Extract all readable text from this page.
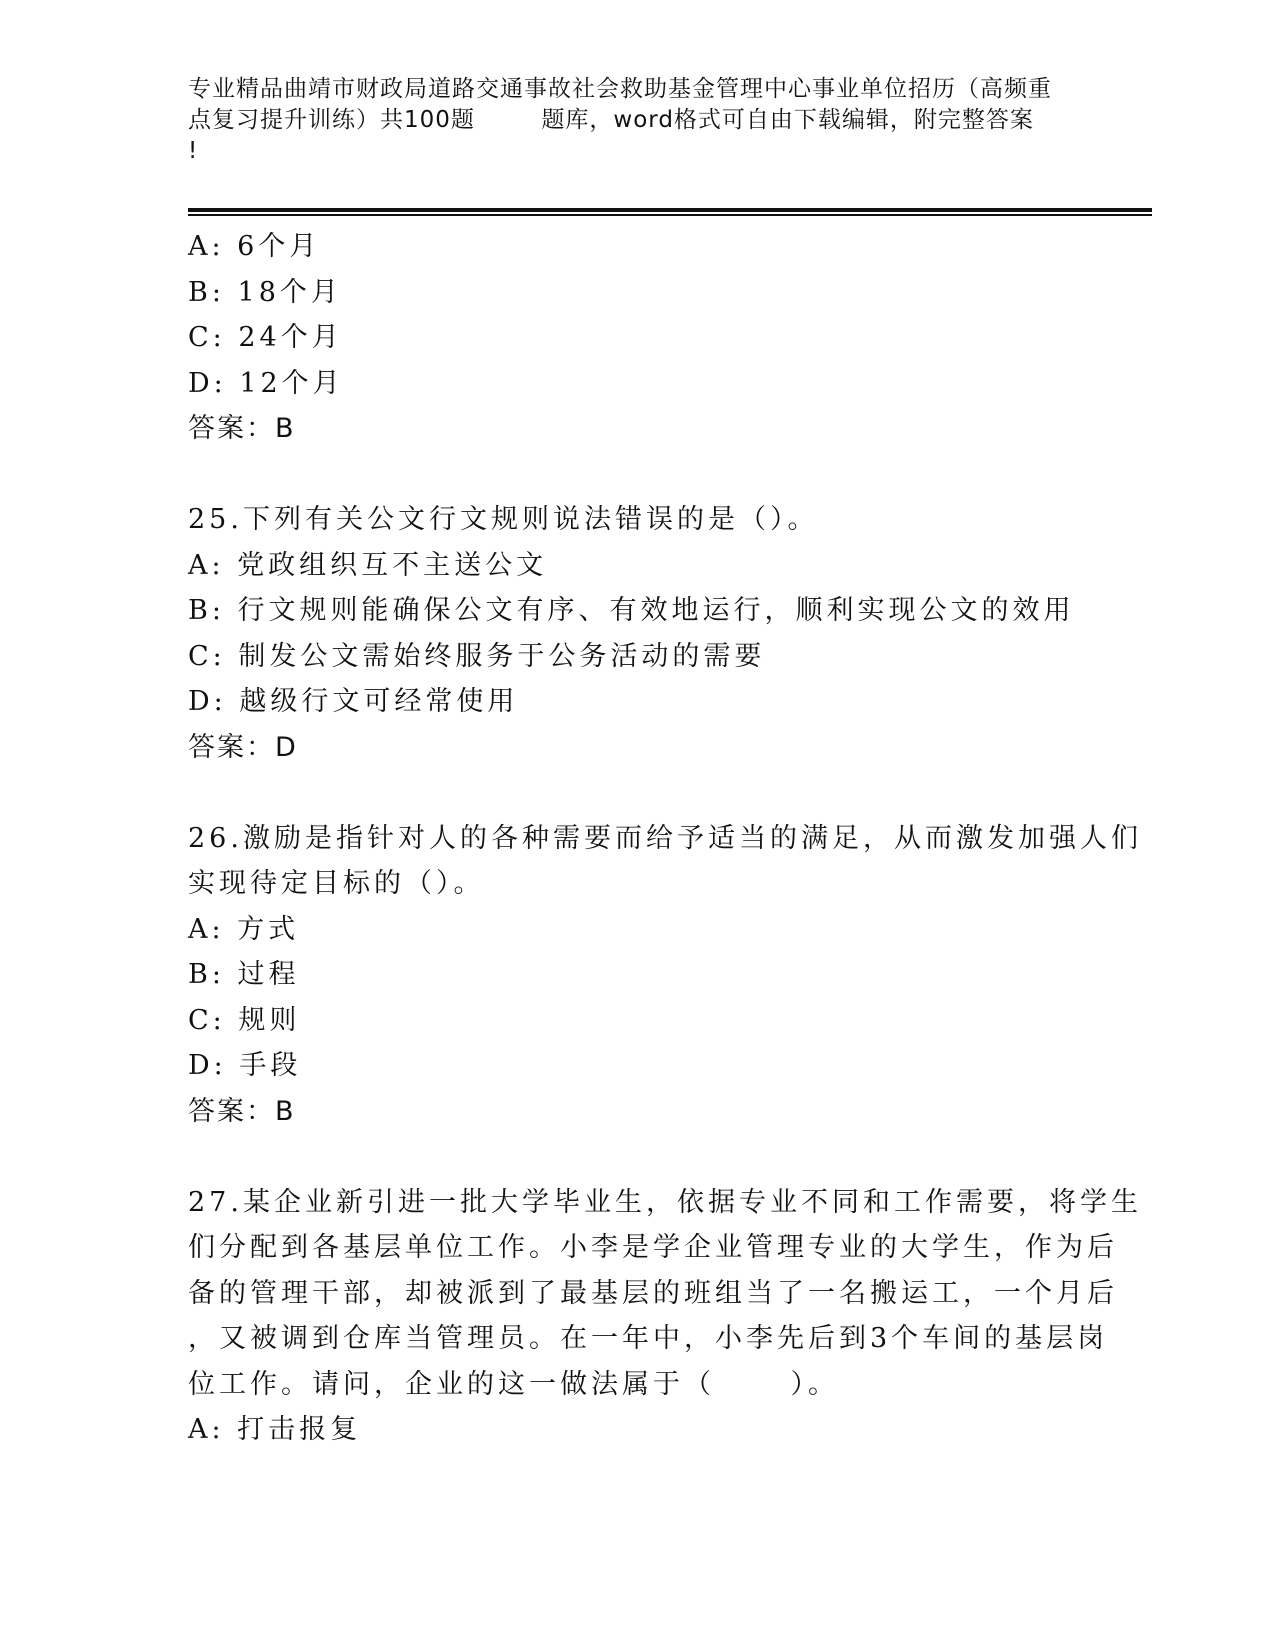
专业精品曲靖市财政局道路交通事故社会救助基金管理中心事业单位招历（高频重
点复习提升训练）共100题        题库，word格式可自由下载编辑，附完整答案
!
A: 6个月
B: 18个月
C: 24个月
D: 12个月
答案：B
25.下列有关公文行文规则说法错误的是（）。
A: 党政组织互不主送公文
B: 行文规则能确保公文有序、有效地运行，顺利实现公文的效用
C: 制发公文需始终服务于公务活动的需要
D: 越级行文可经常使用
答案：D
26.激励是指针对人的各种需要而给予适当的满足，从而激发加强人们
实现待定目标的（）。
A: 方式
B: 过程
C: 规则
D: 手段
答案：B
27.某企业新引进一批大学毕业生，依据专业不同和工作需要，将学生
们分配到各基层单位工作。小李是学企业管理专业的大学生，作为后
备的管理干部，却被派到了最基层的班组当了一名搬运工，一个月后
，又被调到仓库当管理员。在一年中，小李先后到3个车间的基层岗
位工作。请问，企业的这一做法属于（      ）。
A: 打击报复
